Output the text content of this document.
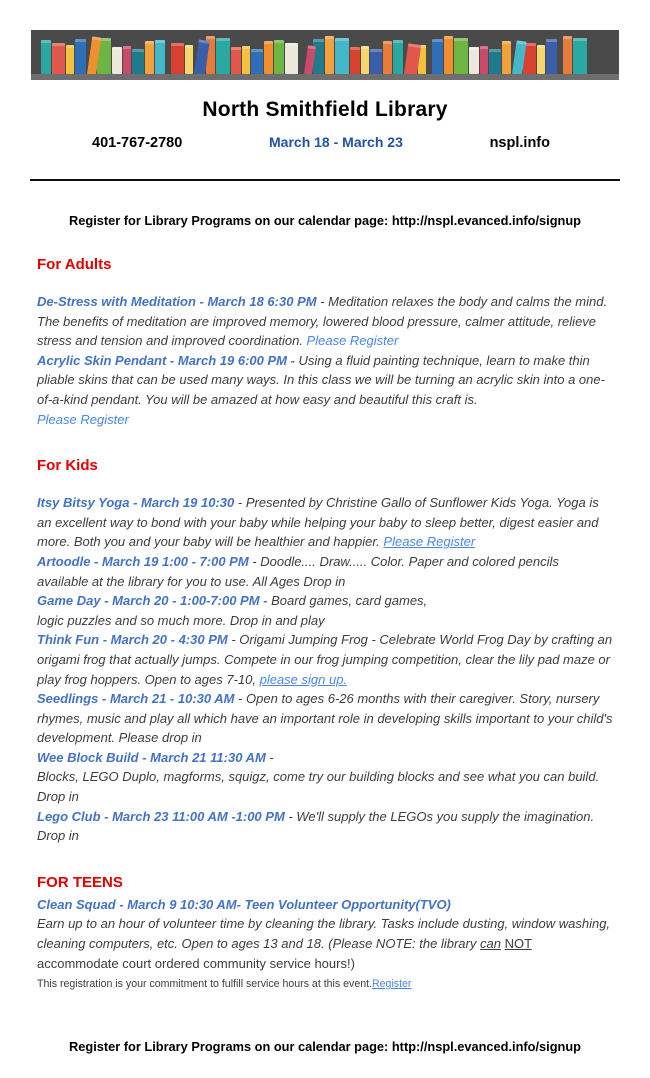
North Smithfield Library
401-767-2780	March 18 - March 23	nspl.info
Register for Library Programs on our calendar page: http://nspl.evanced.info/signup
For Adults
De-Stress with Meditation - March 18 6:30 PM - Meditation relaxes the body and calms the mind. The benefits of meditation are improved memory, lowered blood pressure, calmer attitude, relieve stress and tension and improved coordination. Please Register
Acrylic Skin Pendant - March 19 6:00 PM - Using a fluid painting technique, learn to make thin pliable skins that can be used many ways. In this class we will be turning an acrylic skin into a one-of-a-kind pendant. You will be amazed at how easy and beautiful this craft is.
Please Register
For Kids
Itsy Bitsy Yoga - March 19 10:30 - Presented by Christine Gallo of Sunflower Kids Yoga. Yoga is an excellent way to bond with your baby while helping your baby to sleep better, digest easier and more. Both you and your baby will be healthier and happier. Please Register
Artoodle - March 19 1:00 - 7:00 PM - Doodle.... Draw..... Color. Paper and colored pencils available at the library for you to use. All Ages Drop in
Game Day - March 20 - 1:00-7:00 PM - Board games, card games,
logic puzzles and so much more. Drop in and play
Think Fun - March 20 - 4:30 PM - Origami Jumping Frog - Celebrate World Frog Day by crafting an origami frog that actually jumps. Compete in our frog jumping competition, clear the lily pad maze or play frog hoppers. Open to ages 7-10, please sign up.
Seedlings - March 21 - 10:30 AM - Open to ages 6-26 months with their caregiver. Story, nursery rhymes, music and play all which have an important role in developing skills important to your child's development. Please drop in
Wee Block Build - March 21 11:30 AM -
Blocks, LEGO Duplo, magforms, squigz, come try our building blocks and see what you can build. Drop in
Lego Club - March 23 11:00 AM -1:00 PM - We'll supply the LEGOs you supply the imagination. Drop in
FOR TEENS
Clean Squad - March 9 10:30 AM- Teen Volunteer Opportunity(TVO)
Earn up to an hour of volunteer time by cleaning the library. Tasks include dusting, window washing, cleaning computers, etc. Open to ages 13 and 18. (Please NOTE: the library can NOT accommodate court ordered community service hours!)
This registration is your commitment to fulfill service hours at this event.Register
Register for Library Programs on our calendar page: http://nspl.evanced.info/signup
